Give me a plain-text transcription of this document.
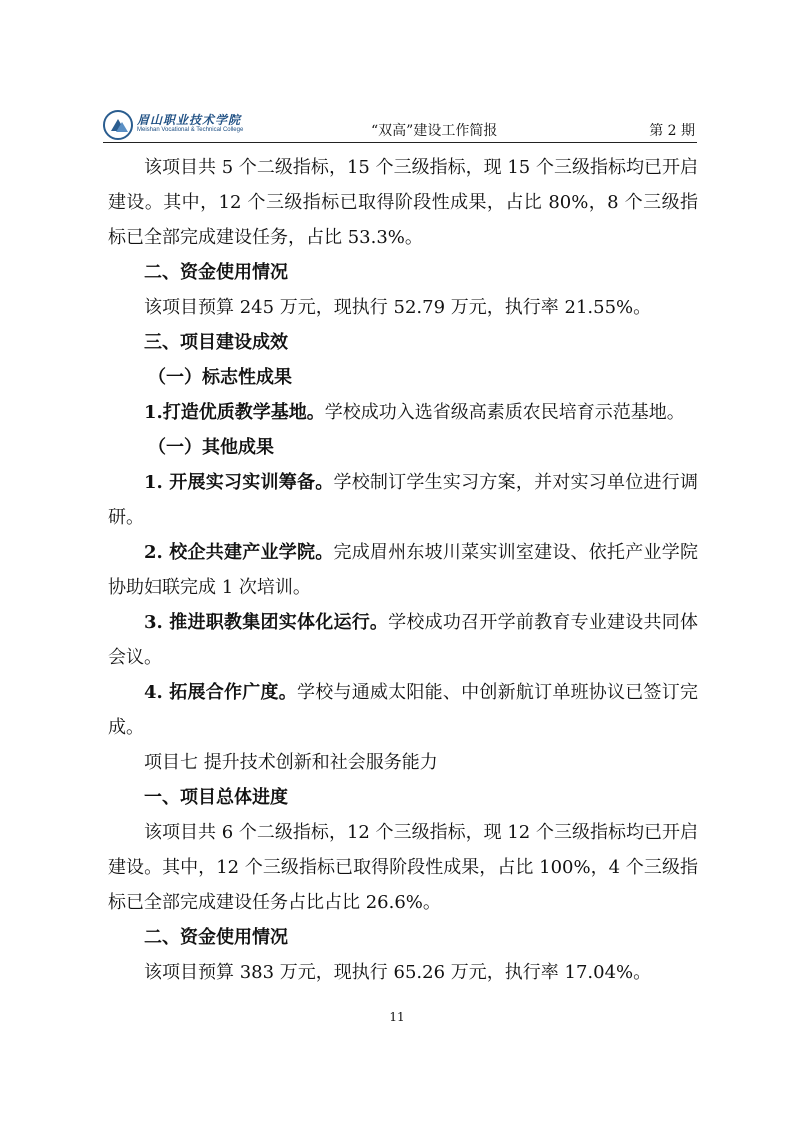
眉山职业技术学院
Meishan Vocational & Technical College	“双高”建设工作简报	第 2 期

该项目共 5 个二级指标，15 个三级指标，现 15 个三级指标均已开启建设。其中，12 个三级指标已取得阶段性成果，占比 80%，8 个三级指标已全部完成建设任务，占比 53.3%。

二、资金使用情况

该项目预算 245 万元，现执行 52.79 万元，执行率 21.55%。

三、项目建设成效

（一）标志性成果

1.打造优质教学基地。学校成功入选省级高素质农民培育示范基地。

（一）其他成果

1. 开展实习实训筹备。学校制订学生实习方案，并对实习单位进行调研。

2. 校企共建产业学院。完成眉州东坡川菜实训室建设、依托产业学院协助妇联完成 1 次培训。

3. 推进职教集团实体化运行。学校成功召开学前教育专业建设共同体会议。

4. 拓展合作广度。学校与通威太阳能、中创新航订单班协议已签订完成。

项目七 提升技术创新和社会服务能力

一、项目总体进度

该项目共 6 个二级指标，12 个三级指标，现 12 个三级指标均已开启建设。其中，12 个三级指标已取得阶段性成果，占比 100%，4 个三级指标已全部完成建设任务占比占比 26.6%。

二、资金使用情况

该项目预算 383 万元，现执行 65.26 万元，执行率 17.04%。

11
